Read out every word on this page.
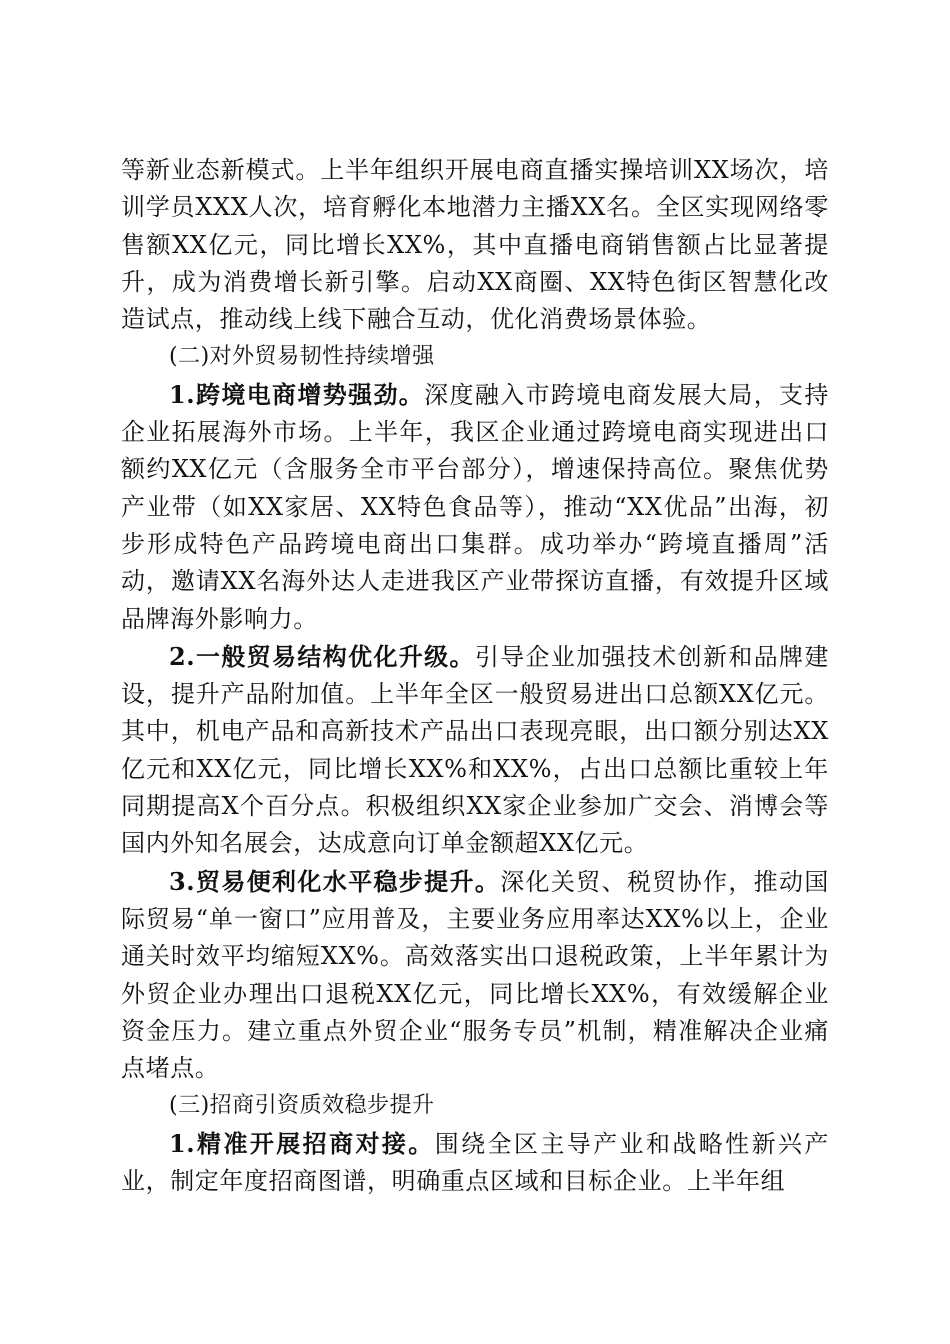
等新业态新模式。上半年组织开展电商直播实操培训XX场次，培训学员XXX人次，培育孵化本地潜力主播XX名。全区实现网络零售额XX亿元，同比增长XX%，其中直播电商销售额占比显著提升，成为消费增长新引擎。启动XX商圈、XX特色街区智慧化改造试点，推动线上线下融合互动，优化消费场景体验。

(二)对外贸易韧性持续增强

1.跨境电商增势强劲。深度融入市跨境电商发展大局，支持企业拓展海外市场。上半年，我区企业通过跨境电商实现进出口额约XX亿元（含服务全市平台部分），增速保持高位。聚焦优势产业带（如XX家居、XX特色食品等），推动“XX优品”出海，初步形成特色产品跨境电商出口集群。成功举办“跨境直播周”活动，邀请XX名海外达人走进我区产业带探访直播，有效提升区域品牌海外影响力。

2.一般贸易结构优化升级。引导企业加强技术创新和品牌建设，提升产品附加值。上半年全区一般贸易进出口总额XX亿元。其中，机电产品和高新技术产品出口表现亮眼，出口额分别达XX亿元和XX亿元，同比增长XX%和XX%，占出口总额比重较上年同期提高X个百分点。积极组织XX家企业参加广交会、消博会等国内外知名展会，达成意向订单金额超XX亿元。

3.贸易便利化水平稳步提升。深化关贸、税贸协作，推动国际贸易“单一窗口”应用普及，主要业务应用率达XX%以上，企业通关时效平均缩短XX%。高效落实出口退税政策，上半年累计为外贸企业办理出口退税XX亿元，同比增长XX%，有效缓解企业资金压力。建立重点外贸企业“服务专员”机制，精准解决企业痛点堵点。

(三)招商引资质效稳步提升

1.精准开展招商对接。围绕全区主导产业和战略性新兴产业，制定年度招商图谱，明确重点区域和目标企业。上半年组
